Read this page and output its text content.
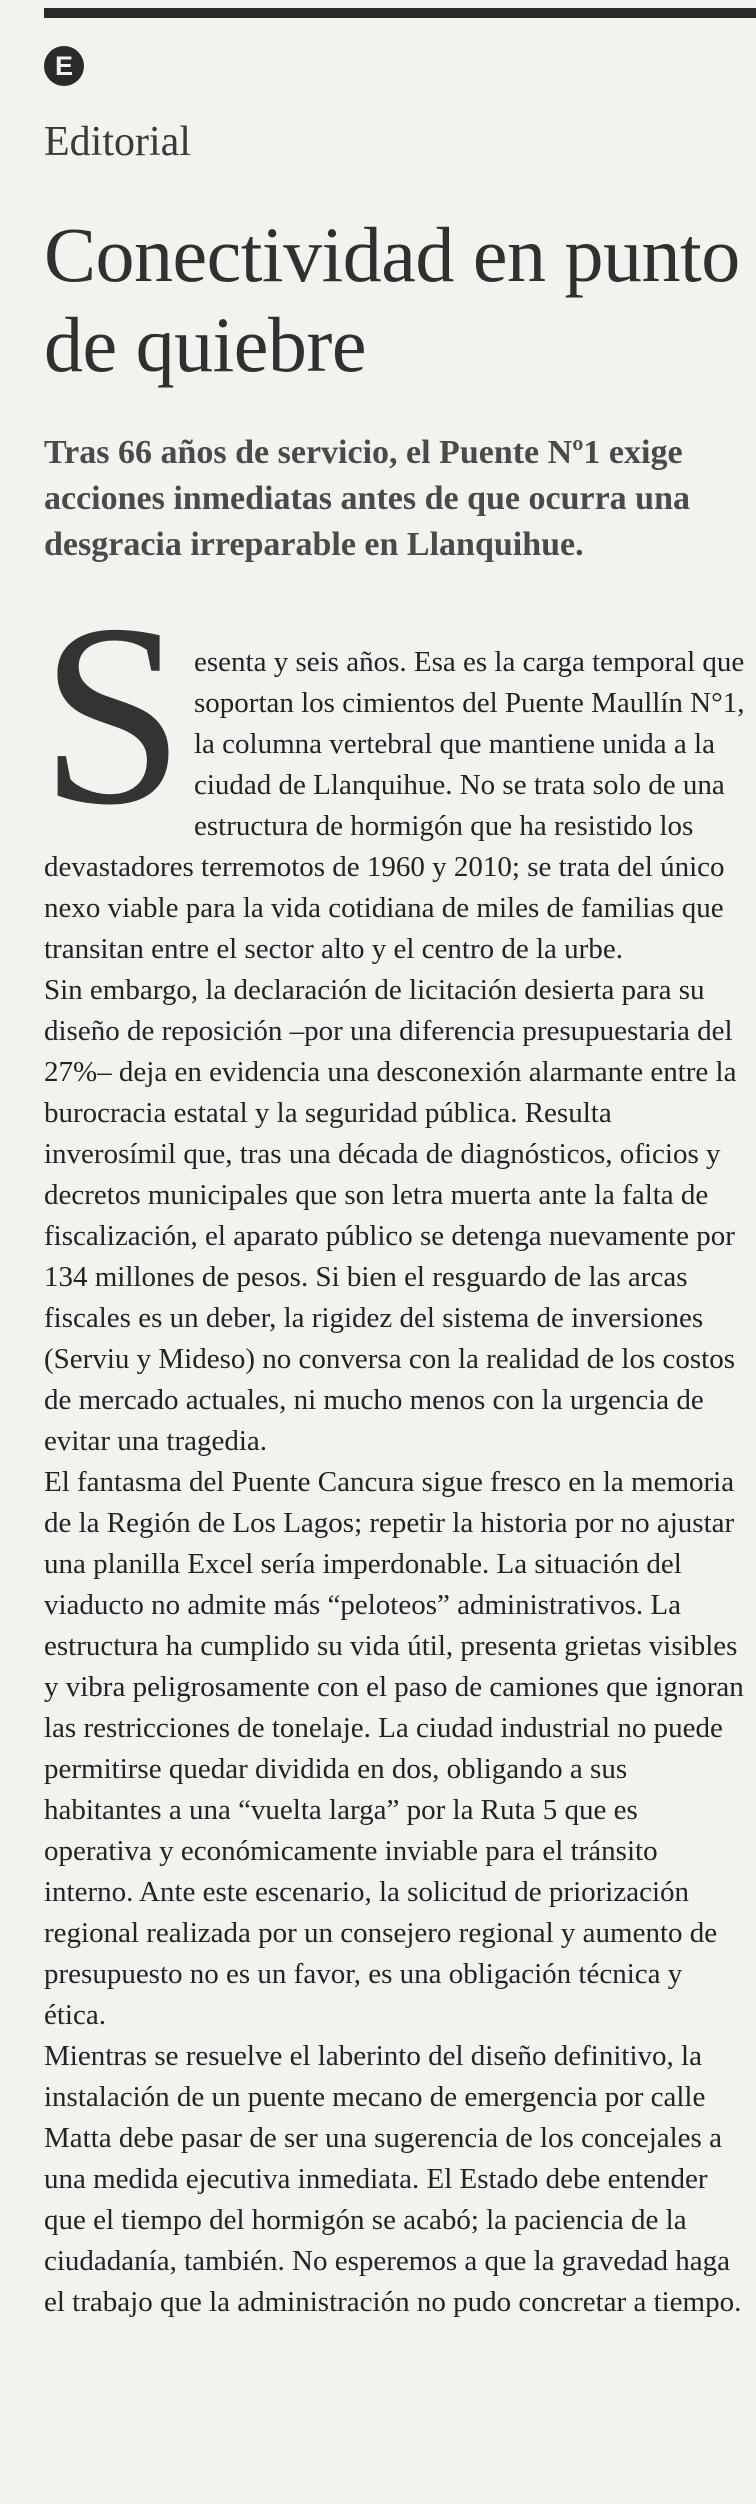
E
Editorial
Conectividad en punto de quiebre

Tras 66 años de servicio, el Puente Nº1 exige acciones inmediatas antes de que ocurra una desgracia irreparable en Llanquihue.

S esenta y seis años. Esa es la carga temporal que soportan los cimientos del Puente Maullín N°1, la columna vertebral que mantiene unida a la ciudad de Llanquihue. No se trata solo de una estructura de hormigón que ha resistido los devastadores terremotos de 1960 y 2010; se trata del único nexo viable para la vida cotidiana de miles de familias que transitan entre el sector alto y el centro de la urbe.

Sin embargo, la declaración de licitación desierta para su diseño de reposición –por una diferencia presupuestaria del 27%– deja en evidencia una desconexión alarmante entre la burocracia estatal y la seguridad pública. Resulta inverosímil que, tras una década de diagnósticos, oficios y decretos municipales que son letra muerta ante la falta de fiscalización, el aparato público se detenga nuevamente por 134 millones de pesos. Si bien el resguardo de las arcas fiscales es un deber, la rigidez del sistema de inversiones (Serviu y Mideso) no conversa con la realidad de los costos de mercado actuales, ni mucho menos con la urgencia de evitar una tragedia.

El fantasma del Puente Cancura sigue fresco en la memoria de la Región de Los Lagos; repetir la historia por no ajustar una planilla Excel sería imperdonable. La situación del viaducto no admite más “peloteos” administrativos. La estructura ha cumplido su vida útil, presenta grietas visibles y vibra peligrosamente con el paso de camiones que ignoran las restricciones de tonelaje. La ciudad industrial no puede permitirse quedar dividida en dos, obligando a sus habitantes a una “vuelta larga” por la Ruta 5 que es operativa y económicamente inviable para el tránsito interno. Ante este escenario, la solicitud de priorización regional realizada por un consejero regional y aumento de presupuesto no es un favor, es una obligación técnica y ética.

Mientras se resuelve el laberinto del diseño definitivo, la instalación de un puente mecano de emergencia por calle Matta debe pasar de ser una sugerencia de los concejales a una medida ejecutiva inmediata. El Estado debe entender que el tiempo del hormigón se acabó; la paciencia de la ciudadanía, también. No esperemos a que la gravedad haga el trabajo que la administración no pudo concretar a tiempo.
